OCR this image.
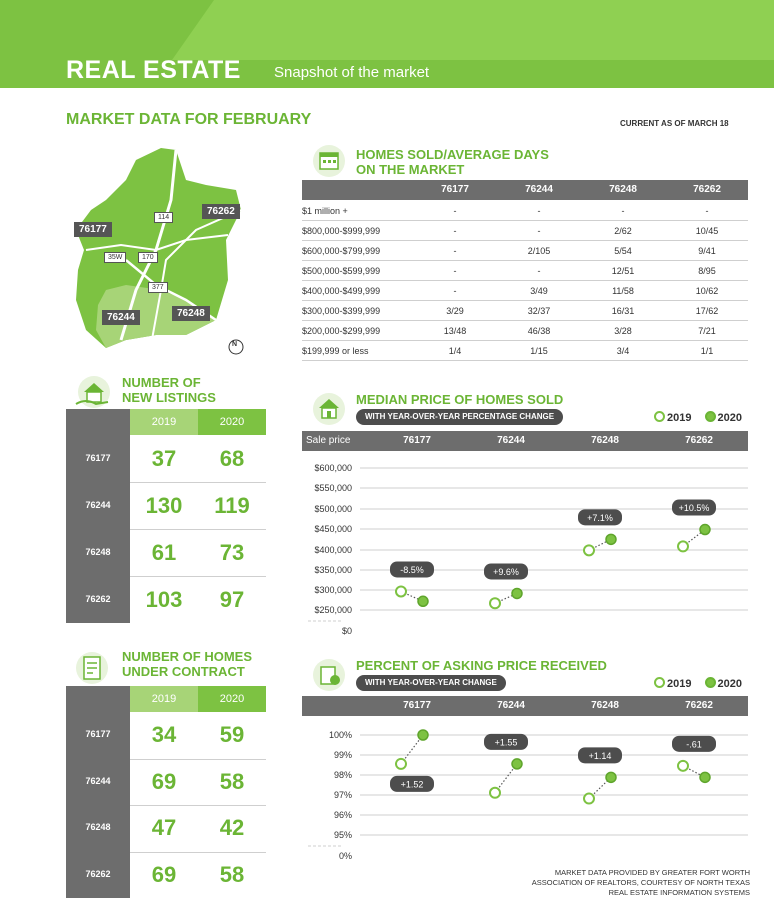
REAL ESTATE Snapshot of the market
MARKET DATA FOR FEBRUARY	CURRENT AS OF MARCH 18
76177
76262
76244	76248
114
35W	170
377
N
HOMES SOLD/AVERAGE DAYS
ON THE MARKET
76177	76244	76248	76262
$1 million +	-	-	-	-
$800,000-$999,999	-	-	2/62	10/45
$600,000-$799,999	-	2/105	5/54	9/41
$500,000-$599,999	-	-	12/51	8/95
$400,000-$499,999	-	3/49	11/58	10/62
$300,000-$399,999	3/29	32/37	16/31	17/62
$200,000-$299,999	13/48	46/38	3/28	7/21
$199,999 or less	1/4	1/15	3/4	1/1
NUMBER OF
NEW LISTINGS
2019	2020
76177	37	68
76244	130	119
76248	61	73
76262	103	97
NUMBER OF HOMES
UNDER CONTRACT
2019	2020
76177	34	59
76244	69	58
76248	47	42
76262	69	58
MEDIAN PRICE OF HOMES SOLD
WITH YEAR-OVER-YEAR PERCENTAGE CHANGE	2019 2020
Sale price	76177	76244	76248	76262
$600,000
$550,000
$500,000
$450,000
$400,000
$350,000
$300,000
$250,000
$0
-8.5%	+9.6%
+7.1%
+10.5%
PERCENT OF ASKING PRICE RECEIVED
WITH YEAR-OVER-YEAR CHANGE	2019 2020
76177	76244	76248	76262
100%
99%
98%
97%
96%
95%
0%
+1.52
+1.55
+1.14
-.61
MARKET DATA PROVIDED BY GREATER FORT WORTH
ASSOCIATION OF REALTORS, COURTESY OF NORTH TEXAS
REAL ESTATE INFORMATION SYSTEMS
